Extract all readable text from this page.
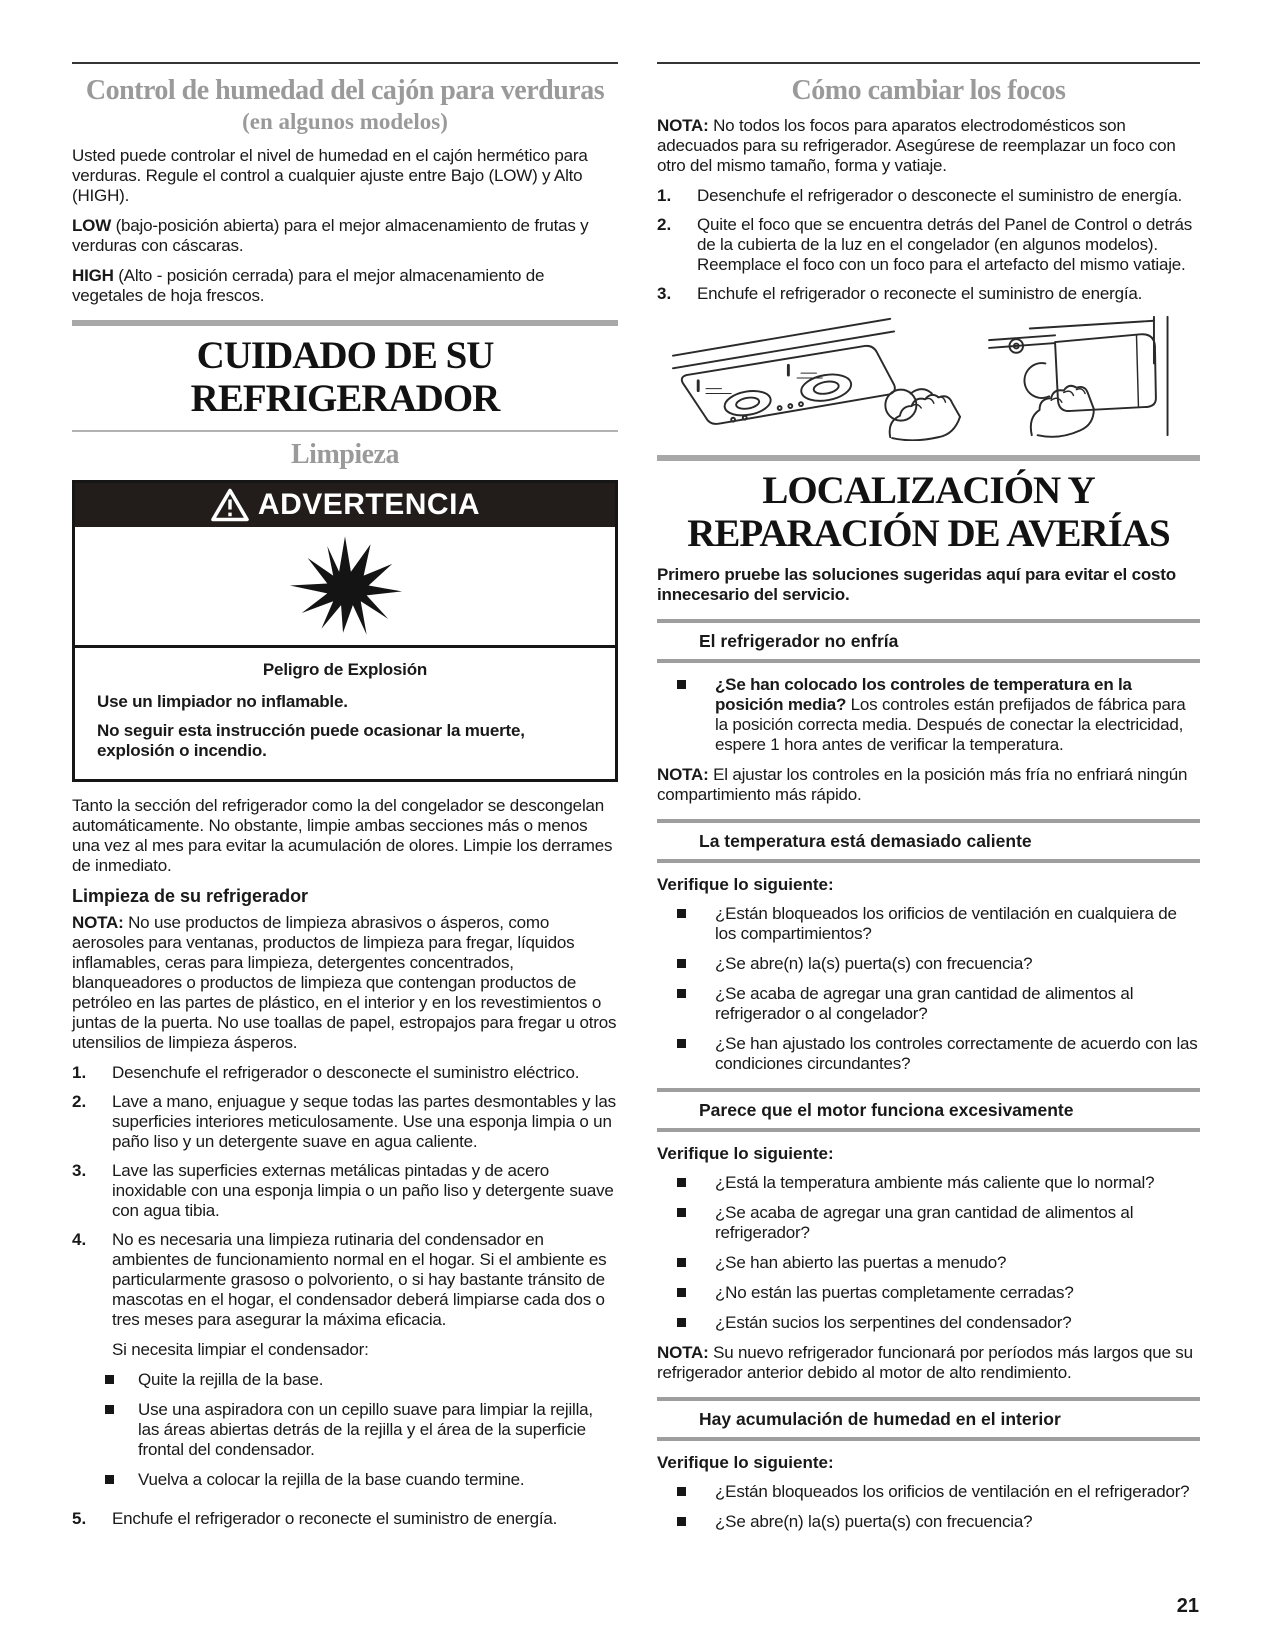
Control de humedad del cajón para verduras
(en algunos modelos)

Usted puede controlar el nivel de humedad en el cajón hermético para verduras. Regule el control a cualquier ajuste entre Bajo (LOW) y Alto (HIGH).

LOW (bajo-posición abierta) para el mejor almacenamiento de frutas y verduras con cáscaras.

HIGH (Alto - posición cerrada) para el mejor almacenamiento de vegetales de hoja frescos.

CUIDADO DE SU REFRIGERADOR
Limpieza
ADVERTENCIA

Peligro de Explosión

Use un limpiador no inflamable.

No seguir esta instrucción puede ocasionar la muerte, explosión o incendio.

Tanto la sección del refrigerador como la del congelador se descongelan automáticamente. No obstante, limpie ambas secciones más o menos una vez al mes para evitar la acumulación de olores. Limpie los derrames de inmediato.

Limpieza de su refrigerador

NOTA: No use productos de limpieza abrasivos o ásperos, como aerosoles para ventanas, productos de limpieza para fregar, líquidos inflamables, ceras para limpieza, detergentes concentrados, blanqueadores o productos de limpieza que contengan productos de petróleo en las partes de plástico, en el interior y en los revestimientos o juntas de la puerta. No use toallas de papel, estropajos para fregar u otros utensilios de limpieza ásperos.

1.	Desenchufe el refrigerador o desconecte el suministro eléctrico.
2.	Lave a mano, enjuague y seque todas las partes desmontables y las superficies interiores meticulosamente. Use una esponja limpia o un paño liso y un detergente suave en agua caliente.
3.	Lave las superficies externas metálicas pintadas y de acero inoxidable con una esponja limpia o un paño liso y detergente suave con agua tibia.
4.	No es necesaria una limpieza rutinaria del condensador en ambientes de funcionamiento normal en el hogar. Si el ambiente es particularmente grasoso o polvoriento, o si hay bastante tránsito de mascotas en el hogar, el condensador deberá limpiarse cada dos o tres meses para asegurar la máxima eficacia.
Si necesita limpiar el condensador:
Quite la rejilla de la base.
Use una aspiradora con un cepillo suave para limpiar la rejilla, las áreas abiertas detrás de la rejilla y el área de la superficie frontal del condensador.
Vuelva a colocar la rejilla de la base cuando termine.
5.	Enchufe el refrigerador o reconecte el suministro de energía.
Cómo cambiar los focos

NOTA: No todos los focos para aparatos electrodomésticos son adecuados para su refrigerador. Asegúrese de reemplazar un foco con otro del mismo tamaño, forma y vatiaje.

1.	Desenchufe el refrigerador o desconecte el suministro de energía.
2.	Quite el foco que se encuentra detrás del Panel de Control o detrás de la cubierta de la luz en el congelador (en algunos modelos). Reemplace el foco con un foco para el artefacto del mismo vatiaje.
3.	Enchufe el refrigerador o reconecte el suministro de energía.
LOCALIZACIÓN Y
REPARACIÓN DE AVERÍAS

Primero pruebe las soluciones sugeridas aquí para evitar el costo innecesario del servicio.

El refrigerador no enfría
¿Se han colocado los controles de temperatura en la posición media? Los controles están prefijados de fábrica para la posición correcta media. Después de conectar la electricidad, espere 1 hora antes de verificar la temperatura.

NOTA: El ajustar los controles en la posición más fría no enfriará ningún compartimiento más rápido.

La temperatura está demasiado caliente

Verifique lo siguiente:

¿Están bloqueados los orificios de ventilación en cualquiera de los compartimientos?
¿Se abre(n) la(s) puerta(s) con frecuencia?
¿Se acaba de agregar una gran cantidad de alimentos al refrigerador o al congelador?
¿Se han ajustado los controles correctamente de acuerdo con las condiciones circundantes?
Parece que el motor funciona excesivamente

Verifique lo siguiente:

¿Está la temperatura ambiente más caliente que lo normal?
¿Se acaba de agregar una gran cantidad de alimentos al refrigerador?
¿Se han abierto las puertas a menudo?
¿No están las puertas completamente cerradas?
¿Están sucios los serpentines del condensador?

NOTA: Su nuevo refrigerador funcionará por períodos más largos que su refrigerador anterior debido al motor de alto rendimiento.

Hay acumulación de humedad en el interior

Verifique lo siguiente:

¿Están bloqueados los orificios de ventilación en el refrigerador?
¿Se abre(n) la(s) puerta(s) con frecuencia?
21
